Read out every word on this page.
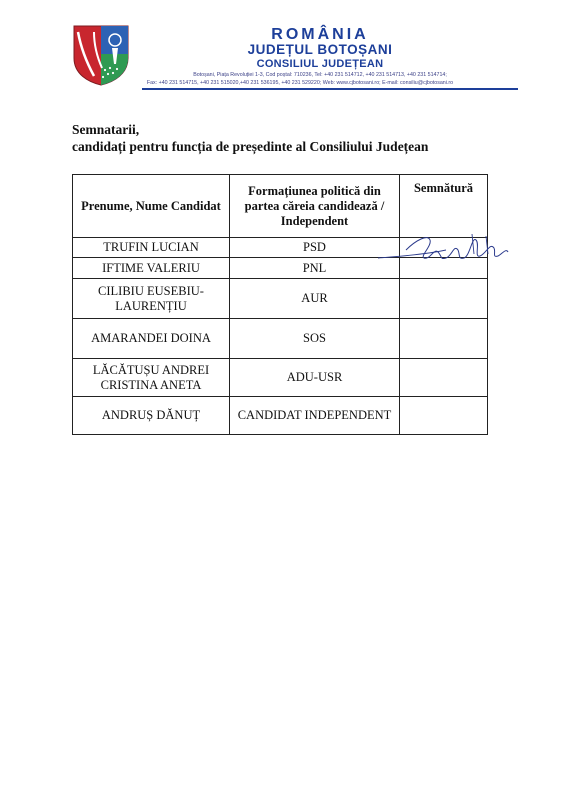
ROMÂNIA
JUDEȚUL BOTOȘANI
CONSILIUL JUDEȚEAN
Botoșani, Piața Revoluției 1-3, Cod poștal: 710236, Tel: +40 231 514712, +40 231 514713, +40 231 514714;
Fax: +40 231 514715, +40 231 515020,+40 231 536195, +40 231 529220; Web: www.cjbotosani.ro; E-mail: consiliu@cjbotosani.ro
Semnatarii,
candidați pentru funcția de președinte al Consiliului Județean
Prenume, Nume Candidat	Formațiunea politică din partea căreia candidează / Independent	Semnătură
TRUFIN LUCIAN	PSD	

IFTIME VALERIU	PNL	
CILIBIU EUSEBIU-LAURENȚIU	AUR	
AMARANDEI DOINA	SOS	
LĂCĂTUȘU ANDREI CRISTINA ANETA	ADU-USR	
ANDRUȘ DĂNUȚ	CANDIDAT INDEPENDENT	
